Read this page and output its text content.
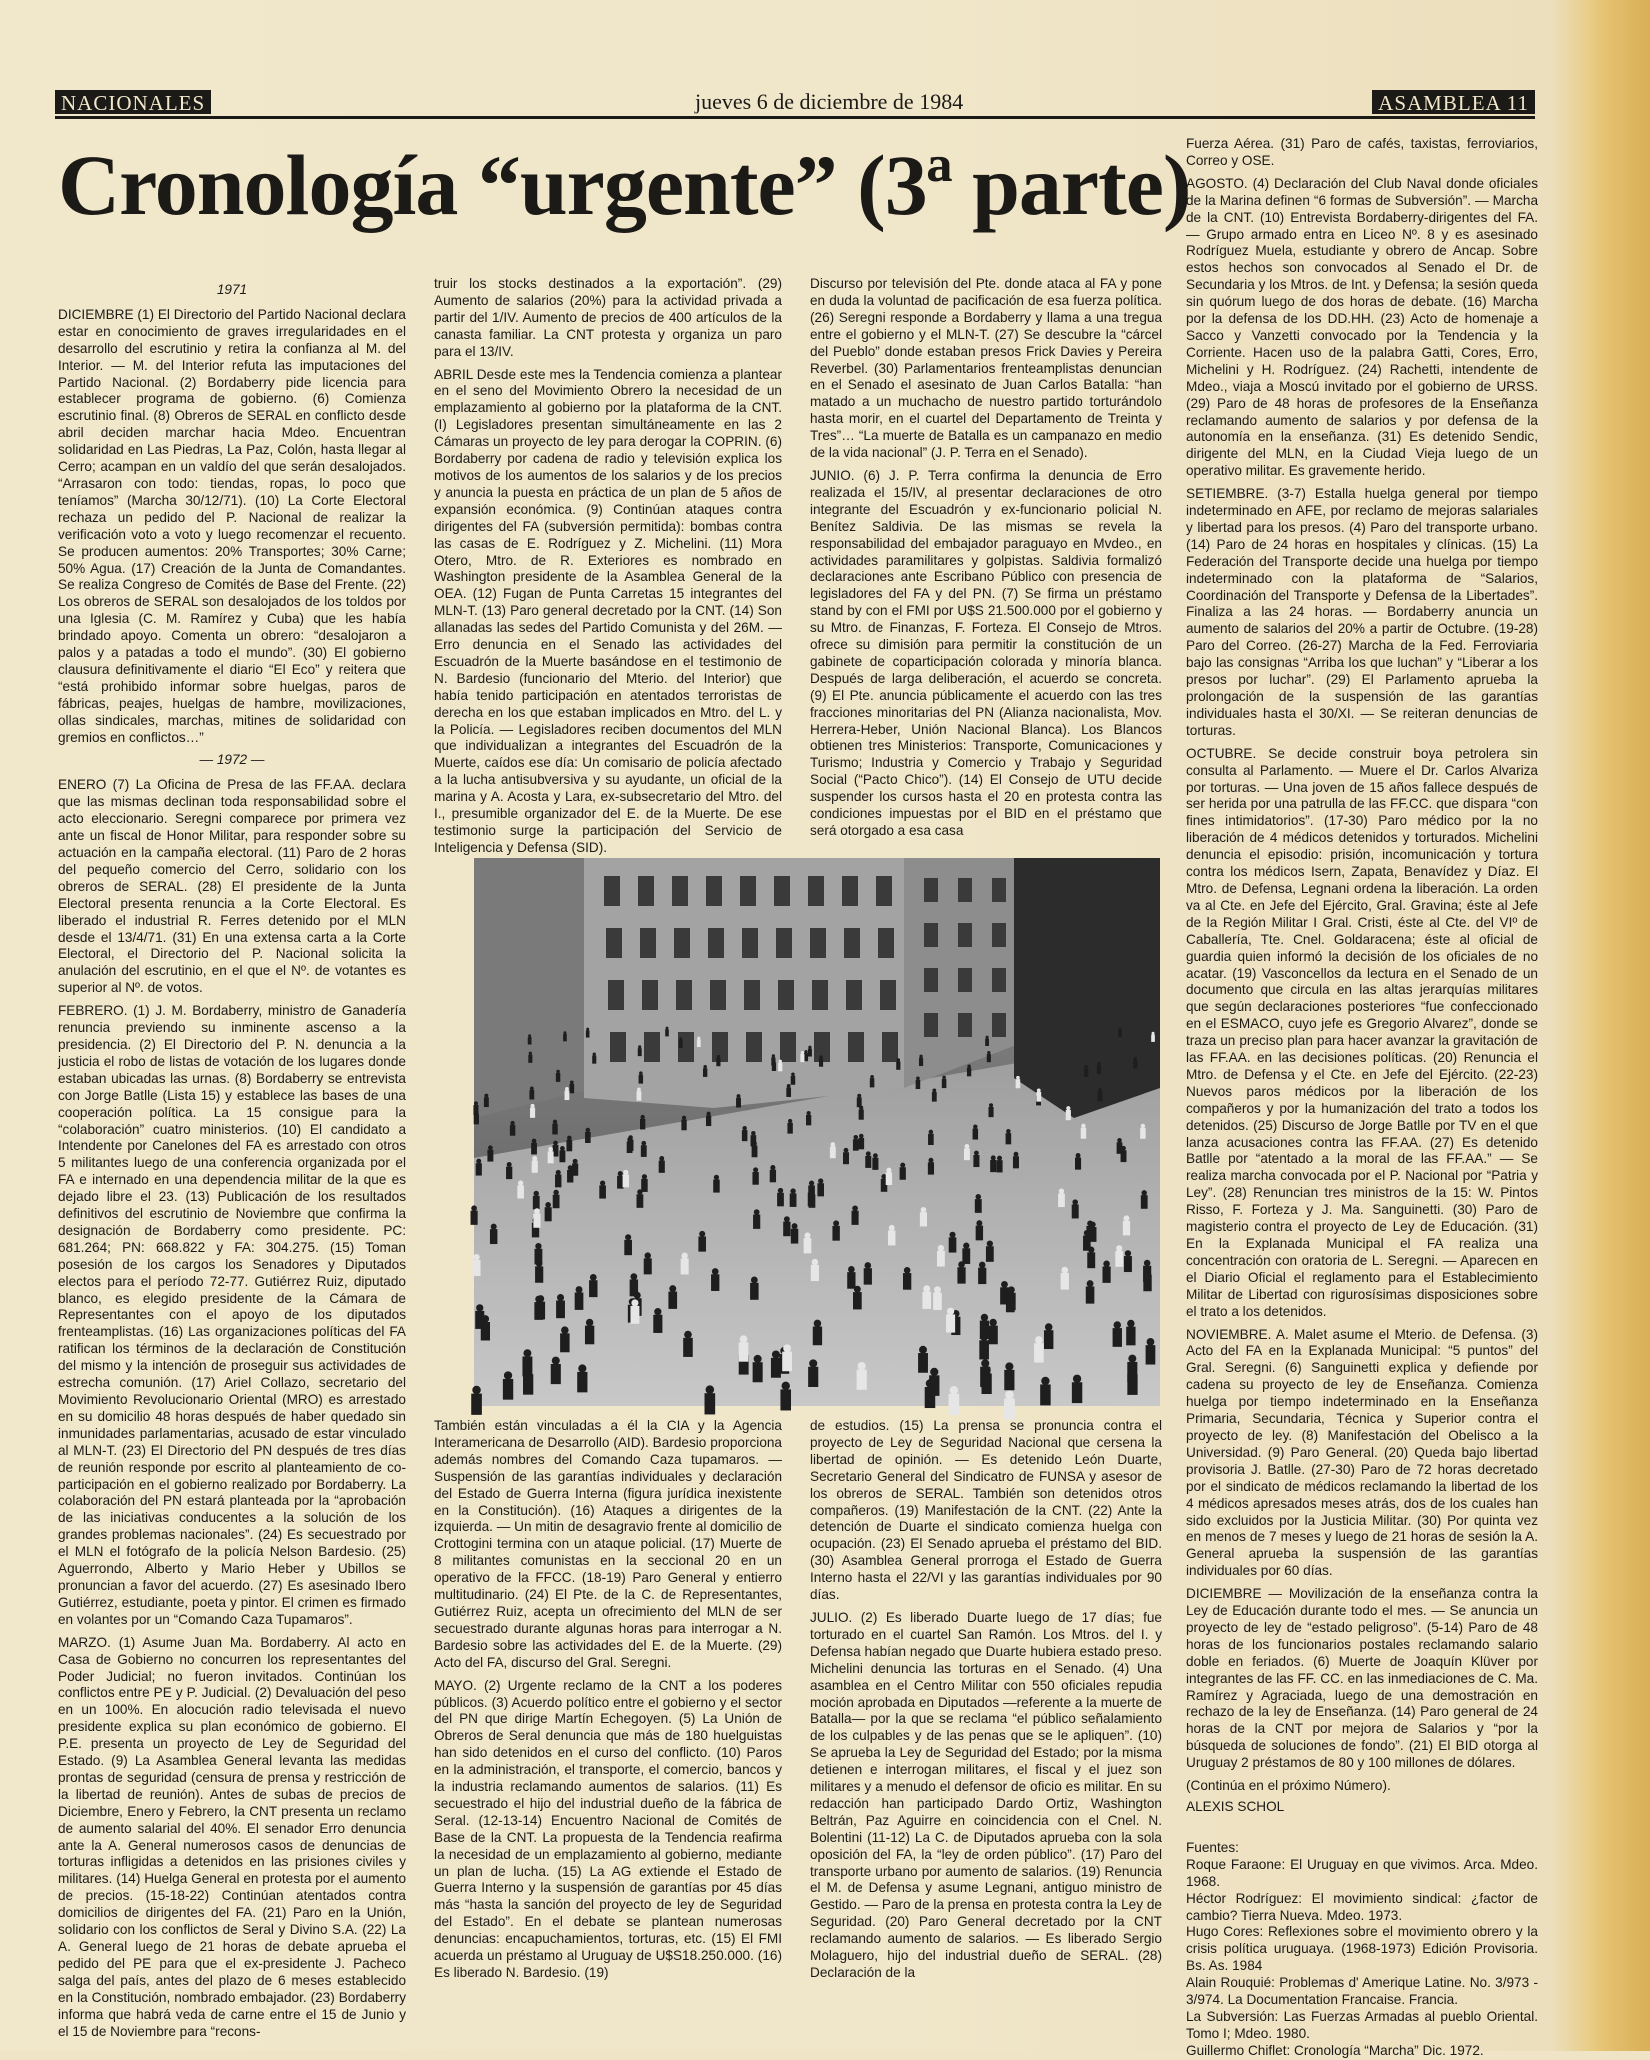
NACIONALES	jueves 6 de diciembre de 1984	ASAMBLEA 11
Cronología “urgente” (3ª parte)
1971

DICIEMBRE (1) El Directorio del Partido Nacional declara estar en conocimiento de graves irregularidades en el desarrollo del escrutinio y retira la confianza al M. del Interior. — M. del Interior refuta las imputaciones del Partido Nacional. (2) Bordaberry pide licencia para establecer programa de gobierno. (6) Comienza escrutinio final. (8) Obreros de SERAL en conflicto desde abril deciden marchar hacia Mdeo. Encuentran solidaridad en Las Piedras, La Paz, Colón, hasta llegar al Cerro; acampan en un valdío del que serán desalojados. “Arrasaron con todo: tiendas, ropas, lo poco que teníamos” (Marcha 30/12/71). (10) La Corte Electoral rechaza un pedido del P. Nacional de realizar la verificación voto a voto y luego recomenzar el recuento. Se producen aumentos: 20% Transportes; 30% Carne; 50% Agua. (17) Creación de la Junta de Comandantes. Se realiza Congreso de Comités de Base del Frente. (22) Los obreros de SERAL son desalojados de los toldos por una Iglesia (C. M. Ramírez y Cuba) que les había brindado apoyo. Comenta un obrero: “desalojaron a palos y a patadas a todo el mundo”. (30) El gobierno clausura definitivamente el diario “El Eco” y reitera que “está prohibido informar sobre huelgas, paros de fábricas, peajes, huelgas de hambre, movilizaciones, ollas sindicales, marchas, mitines de solidaridad con gremios en conflictos…”

— 1972 —

ENERO (7) La Oficina de Presa de las FF.AA. declara que las mismas declinan toda responsabilidad sobre el acto eleccionario. Seregni comparece por primera vez ante un fiscal de Honor Militar, para responder sobre su actuación en la campaña electoral. (11) Paro de 2 horas del pequeño comercio del Cerro, solidario con los obreros de SERAL. (28) El presidente de la Junta Electoral presenta renuncia a la Corte Electoral. Es liberado el industrial R. Ferres detenido por el MLN desde el 13/4/71. (31) En una extensa carta a la Corte Electoral, el Directorio del P. Nacional solicita la anulación del escrutinio, en el que el Nº. de votantes es superior al Nº. de votos.

FEBRERO. (1) J. M. Bordaberry, ministro de Ganadería renuncia previendo su inminente ascenso a la presidencia. (2) El Directorio del P. N. denuncia a la justicia el robo de listas de votación de los lugares donde estaban ubicadas las urnas. (8) Bordaberry se entrevista con Jorge Batlle (Lista 15) y establece las bases de una cooperación política. La 15 consigue para la “colaboración” cuatro ministerios. (10) El candidato a Intendente por Canelones del FA es arrestado con otros 5 militantes luego de una conferencia organizada por el FA e internado en una dependencia militar de la que es dejado libre el 23. (13) Publicación de los resultados definitivos del escrutinio de Noviembre que confirma la designación de Bordaberry como presidente. PC: 681.264; PN: 668.822 y FA: 304.275. (15) Toman posesión de los cargos los Senadores y Diputados electos para el período 72-77. Gutiérrez Ruiz, diputado blanco, es elegido presidente de la Cámara de Representantes con el apoyo de los diputados frenteamplistas. (16) Las organizaciones políticas del FA ratifican los términos de la declaración de Constitución del mismo y la intención de proseguir sus actividades de estrecha comunión. (17) Ariel Collazo, secretario del Movimiento Revolucionario Oriental (MRO) es arrestado en su domicilio 48 horas después de haber quedado sin inmunidades parlamentarias, acusado de estar vinculado al MLN-T. (23) El Directorio del PN después de tres días de reunión responde por escrito al planteamiento de co-participación en el gobierno realizado por Bordaberry. La colaboración del PN estará planteada por la “aprobación de las iniciativas conducentes a la solución de los grandes problemas nacionales”. (24) Es secuestrado por el MLN el fotógrafo de la policía Nelson Bardesio. (25) Aguerrondo, Alberto y Mario Heber y Ubillos se pronuncian a favor del acuerdo. (27) Es asesinado Ibero Gutiérrez, estudiante, poeta y pintor. El crimen es firmado en volantes por un “Comando Caza Tupamaros”.

MARZO. (1) Asume Juan Ma. Bordaberry. Al acto en Casa de Gobierno no concurren los representantes del Poder Judicial; no fueron invitados. Continúan los conflictos entre PE y P. Judicial. (2) Devaluación del peso en un 100%. En alocución radio televisada el nuevo presidente explica su plan económico de gobierno. El P.E. presenta un proyecto de Ley de Seguridad del Estado. (9) La Asamblea General levanta las medidas prontas de seguridad (censura de prensa y restricción de la libertad de reunión). Antes de subas de precios de Diciembre, Enero y Febrero, la CNT presenta un reclamo de aumento salarial del 40%. El senador Erro denuncia ante la A. General numerosos casos de denuncias de torturas infligidas a detenidos en las prisiones civiles y militares. (14) Huelga General en protesta por el aumento de precios. (15-18-22) Continúan atentados contra domicilios de dirigentes del FA. (21) Paro en la Unión, solidario con los conflictos de Seral y Divino S.A. (22) La A. General luego de 21 horas de debate aprueba el pedido del PE para que el ex-presidente J. Pacheco salga del país, antes del plazo de 6 meses establecido en la Constitución, nombrado embajador. (23) Bordaberry informa que habrá veda de carne entre el 15 de Junio y el 15 de Noviembre para “recons-

truir los stocks destinados a la exportación”. (29) Aumento de salarios (20%) para la actividad privada a partir del 1/IV. Aumento de precios de 400 artículos de la canasta familiar. La CNT protesta y organiza un paro para el 13/IV.

ABRIL Desde este mes la Tendencia comienza a plantear en el seno del Movimiento Obrero la necesidad de un emplazamiento al gobierno por la plataforma de la CNT. (I) Legisladores presentan simultáneamente en las 2 Cámaras un proyecto de ley para derogar la COPRIN. (6) Bordaberry por cadena de radio y televisión explica los motivos de los aumentos de los salarios y de los precios y anuncia la puesta en práctica de un plan de 5 años de expansión económica. (9) Continúan ataques contra dirigentes del FA (subversión permitida): bombas contra las casas de E. Rodríguez y Z. Michelini. (11) Mora Otero, Mtro. de R. Exteriores es nombrado en Washington presidente de la Asamblea General de la OEA. (12) Fugan de Punta Carretas 15 integrantes del MLN-T. (13) Paro general decretado por la CNT. (14) Son allanadas las sedes del Partido Comunista y del 26M. — Erro denuncia en el Senado las actividades del Escuadrón de la Muerte basándose en el testimonio de N. Bardesio (funcionario del Mterio. del Interior) que había tenido participación en atentados terroristas de derecha en los que estaban implicados en Mtro. del L. y la Policía. — Legisladores reciben documentos del MLN que individualizan a integrantes del Escuadrón de la Muerte, caídos ese día: Un comisario de policía afectado a la lucha antisubversiva y su ayudante, un oficial de la marina y A. Acosta y Lara, ex-subsecretario del Mtro. del I., presumible organizador del E. de la Muerte. De ese testimonio surge la participación del Servicio de Inteligencia y Defensa (SID).

Discurso por televisión del Pte. donde ataca al FA y pone en duda la voluntad de pacificación de esa fuerza política. (26) Seregni responde a Bordaberry y llama a una tregua entre el gobierno y el MLN-T. (27) Se descubre la “cárcel del Pueblo” donde estaban presos Frick Davies y Pereira Reverbel. (30) Parlamentarios frenteamplistas denuncian en el Senado el asesinato de Juan Carlos Batalla: “han matado a un muchacho de nuestro partido torturándolo hasta morir, en el cuartel del Departamento de Treinta y Tres”… “La muerte de Batalla es un campanazo en medio de la vida nacional” (J. P. Terra en el Senado).

JUNIO. (6) J. P. Terra confirma la denuncia de Erro realizada el 15/IV, al presentar declaraciones de otro integrante del Escuadrón y ex-funcionario policial N. Benítez Saldivia. De las mismas se revela la responsabilidad del embajador paraguayo en Mvdeo., en actividades paramilitares y golpistas. Saldivia formalizó declaraciones ante Escribano Público con presencia de legisladores del FA y del PN. (7) Se firma un préstamo stand by con el FMI por U$S 21.500.000 por el gobierno y su Mtro. de Finanzas, F. Forteza. El Consejo de Mtros. ofrece su dimisión para permitir la constitución de un gabinete de coparticipación colorada y minoría blanca. Después de larga deliberación, el acuerdo se concreta. (9) El Pte. anuncia públicamente el acuerdo con las tres fracciones minoritarias del PN (Alianza nacionalista, Mov. Herrera-Heber, Unión Nacional Blanca). Los Blancos obtienen tres Ministerios: Transporte, Comunicaciones y Turismo; Industria y Comercio y Trabajo y Seguridad Social (“Pacto Chico”). (14) El Consejo de UTU decide suspender los cursos hasta el 20 en protesta contra las condiciones impuestas por el BID en el préstamo que será otorgado a esa casa

También están vinculadas a él la CIA y la Agencia Interamericana de Desarrollo (AID). Bardesio proporciona además nombres del Comando Caza tupamaros. — Suspensión de las garantías individuales y declaración del Estado de Guerra Interna (figura jurídica inexistente en la Constitución). (16) Ataques a dirigentes de la izquierda. — Un mitin de desagravio frente al domicilio de Crottogini termina con un ataque policial. (17) Muerte de 8 militantes comunistas en la seccional 20 en un operativo de la FFCC. (18-19) Paro General y entierro multitudinario. (24) El Pte. de la C. de Representantes, Gutiérrez Ruiz, acepta un ofrecimiento del MLN de ser secuestrado durante algunas horas para interrogar a N. Bardesio sobre las actividades del E. de la Muerte. (29) Acto del FA, discurso del Gral. Seregni.

MAYO. (2) Urgente reclamo de la CNT a los poderes públicos. (3) Acuerdo político entre el gobierno y el sector del PN que dirige Martín Echegoyen. (5) La Unión de Obreros de Seral denuncia que más de 180 huelguistas han sido detenidos en el curso del conflicto. (10) Paros en la administración, el transporte, el comercio, bancos y la industria reclamando aumentos de salarios. (11) Es secuestrado el hijo del industrial dueño de la fábrica de Seral. (12-13-14) Encuentro Nacional de Comités de Base de la CNT. La propuesta de la Tendencia reafirma la necesidad de un emplazamiento al gobierno, mediante un plan de lucha. (15) La AG extiende el Estado de Guerra Interno y la suspensión de garantías por 45 días más “hasta la sanción del proyecto de ley de Seguridad del Estado”. En el debate se plantean numerosas denuncias: encapuchamientos, torturas, etc. (15) El FMI acuerda un préstamo al Uruguay de U$S18.250.000. (16) Es liberado N. Bardesio. (19)

de estudios. (15) La prensa se pronuncia contra el proyecto de Ley de Seguridad Nacional que cersena la libertad de opinión. — Es detenido León Duarte, Secretario General del Sindicatro de FUNSA y asesor de los obreros de SERAL. También son detenidos otros compañeros. (19) Manifestación de la CNT. (22) Ante la detención de Duarte el sindicato comienza huelga con ocupación. (23) El Senado aprueba el préstamo del BID. (30) Asamblea General prorroga el Estado de Guerra Interno hasta el 22/VI y las garantías individuales por 90 días.

JULIO. (2) Es liberado Duarte luego de 17 días; fue torturado en el cuartel San Ramón. Los Mtros. del I. y Defensa habían negado que Duarte hubiera estado preso. Michelini denuncia las torturas en el Senado. (4) Una asamblea en el Centro Militar con 550 oficiales repudia moción aprobada en Diputados —referente a la muerte de Batalla— por la que se reclama “el público señalamiento de los culpables y de las penas que se le apliquen”. (10) Se aprueba la Ley de Seguridad del Estado; por la misma detienen e interrogan militares, el fiscal y el juez son militares y a menudo el defensor de oficio es militar. En su redacción han participado Dardo Ortiz, Washington Beltrán, Paz Aguirre en coincidencia con el Cnel. N. Bolentini (11-12) La C. de Diputados aprueba con la sola oposición del FA, la “ley de orden público”. (17) Paro del transporte urbano por aumento de salarios. (19) Renuncia el M. de Defensa y asume Legnani, antiguo ministro de Gestido. — Paro de la prensa en protesta contra la Ley de Seguridad. (20) Paro General decretado por la CNT reclamando aumento de salarios. — Es liberado Sergio Molaguero, hijo del industrial dueño de SERAL. (28) Declaración de la

Fuerza Aérea. (31) Paro de cafés, taxistas, ferroviarios, Correo y OSE.

AGOSTO. (4) Declaración del Club Naval donde oficiales de la Marina definen “6 formas de Subversión”. — Marcha de la CNT. (10) Entrevista Bordaberry-dirigentes del FA. — Grupo armado entra en Liceo Nº. 8 y es asesinado Rodríguez Muela, estudiante y obrero de Ancap. Sobre estos hechos son convocados al Senado el Dr. de Secundaria y los Mtros. de Int. y Defensa; la sesión queda sin quórum luego de dos horas de debate. (16) Marcha por la defensa de los DD.HH. (23) Acto de homenaje a Sacco y Vanzetti convocado por la Tendencia y la Corriente. Hacen uso de la palabra Gatti, Cores, Erro, Michelini y H. Rodríguez. (24) Rachetti, intendente de Mdeo., viaja a Moscú invitado por el gobierno de URSS. (29) Paro de 48 horas de profesores de la Enseñanza reclamando aumento de salarios y por defensa de la autonomía en la enseñanza. (31) Es detenido Sendic, dirigente del MLN, en la Ciudad Vieja luego de un operativo militar. Es gravemente herido.

SETIEMBRE. (3-7) Estalla huelga general por tiempo indeterminado en AFE, por reclamo de mejoras salariales y libertad para los presos. (4) Paro del transporte urbano. (14) Paro de 24 horas en hospitales y clínicas. (15) La Federación del Transporte decide una huelga por tiempo indeterminado con la plataforma de “Salarios, Coordinación del Transporte y Defensa de la Libertades”. Finaliza a las 24 horas. — Bordaberry anuncia un aumento de salarios del 20% a partir de Octubre. (19-28) Paro del Correo. (26-27) Marcha de la Fed. Ferroviaria bajo las consignas “Arriba los que luchan” y “Liberar a los presos por luchar”. (29) El Parlamento aprueba la prolongación de la suspensión de las garantías individuales hasta el 30/XI. — Se reiteran denuncias de torturas.

OCTUBRE. Se decide construir boya petrolera sin consulta al Parlamento. — Muere el Dr. Carlos Alvariza por torturas. — Una joven de 15 años fallece después de ser herida por una patrulla de las FF.CC. que dispara “con fines intimidatorios”. (17-30) Paro médico por la no liberación de 4 médicos detenidos y torturados. Michelini denuncia el episodio: prisión, incomunicación y tortura contra los médicos Isern, Zapata, Benavídez y Díaz. El Mtro. de Defensa, Legnani ordena la liberación. La orden va al Cte. en Jefe del Ejército, Gral. Gravina; éste al Jefe de la Región Militar I Gral. Cristi, éste al Cte. del VIº de Caballería, Tte. Cnel. Goldaracena; éste al oficial de guardia quien informó la decisión de los oficiales de no acatar. (19) Vasconcellos da lectura en el Senado de un documento que circula en las altas jerarquías militares que según declaraciones posteriores “fue confeccionado en el ESMACO, cuyo jefe es Gregorio Alvarez”, donde se traza un preciso plan para hacer avanzar la gravitación de las FF.AA. en las decisiones políticas. (20) Renuncia el Mtro. de Defensa y el Cte. en Jefe del Ejército. (22-23) Nuevos paros médicos por la liberación de los compañeros y por la humanización del trato a todos los detenidos. (25) Discurso de Jorge Batlle por TV en el que lanza acusaciones contra las FF.AA. (27) Es detenido Batlle por “atentado a la moral de las FF.AA.” — Se realiza marcha convocada por el P. Nacional por “Patria y Ley”. (28) Renuncian tres ministros de la 15: W. Pintos Risso, F. Forteza y J. Ma. Sanguinetti. (30) Paro de magisterio contra el proyecto de Ley de Educación. (31) En la Explanada Municipal el FA realiza una concentración con oratoria de L. Seregni. — Aparecen en el Diario Oficial el reglamento para el Establecimiento Militar de Libertad con rigurosísimas disposiciones sobre el trato a los detenidos.

NOVIEMBRE. A. Malet asume el Mterio. de Defensa. (3) Acto del FA en la Explanada Municipal: “5 puntos” del Gral. Seregni. (6) Sanguinetti explica y defiende por cadena su proyecto de ley de Enseñanza. Comienza huelga por tiempo indeterminado en la Enseñanza Primaria, Secundaria, Técnica y Superior contra el proyecto de ley. (8) Manifestación del Obelisco a la Universidad. (9) Paro General. (20) Queda bajo libertad provisoria J. Batlle. (27-30) Paro de 72 horas decretado por el sindicato de médicos reclamando la libertad de los 4 médicos apresados meses atrás, dos de los cuales han sido excluidos por la Justicia Militar. (30) Por quinta vez en menos de 7 meses y luego de 21 horas de sesión la A. General aprueba la suspensión de las garantías individuales por 60 días.

DICIEMBRE — Movilización de la enseñanza contra la Ley de Educación durante todo el mes. — Se anuncia un proyecto de ley de “estado peligroso”. (5-14) Paro de 48 horas de los funcionarios postales reclamando salario doble en feriados. (6) Muerte de Joaquín Klüver por integrantes de las FF. CC. en las inmediaciones de C. Ma. Ramírez y Agraciada, luego de una demostración en rechazo de la ley de Enseñanza. (14) Paro general de 24 horas de la CNT por mejora de Salarios y “por la búsqueda de soluciones de fondo”. (21) El BID otorga al Uruguay 2 préstamos de 80 y 100 millones de dólares.

(Continúa en el próximo Número).
ALEXIS SCHOL
Fuentes:
Roque Faraone: El Uruguay en que vivimos. Arca. Mdeo. 1968.
Héctor Rodríguez: El movimiento sindical: ¿factor de cambio? Tierra Nueva. Mdeo. 1973.
Hugo Cores: Reflexiones sobre el movimiento obrero y la crisis política uruguaya. (1968-1973) Edición Provisoria. Bs. As. 1984
Alain Rouquié: Problemas d' Amerique Latine. No. 3/973 - 3/974. La Documentation Francaise. Francia.
La Subversión: Las Fuerzas Armadas al pueblo Oriental. Tomo I; Mdeo. 1980.
Guillermo Chiflet: Cronología “Marcha” Dic. 1972.
